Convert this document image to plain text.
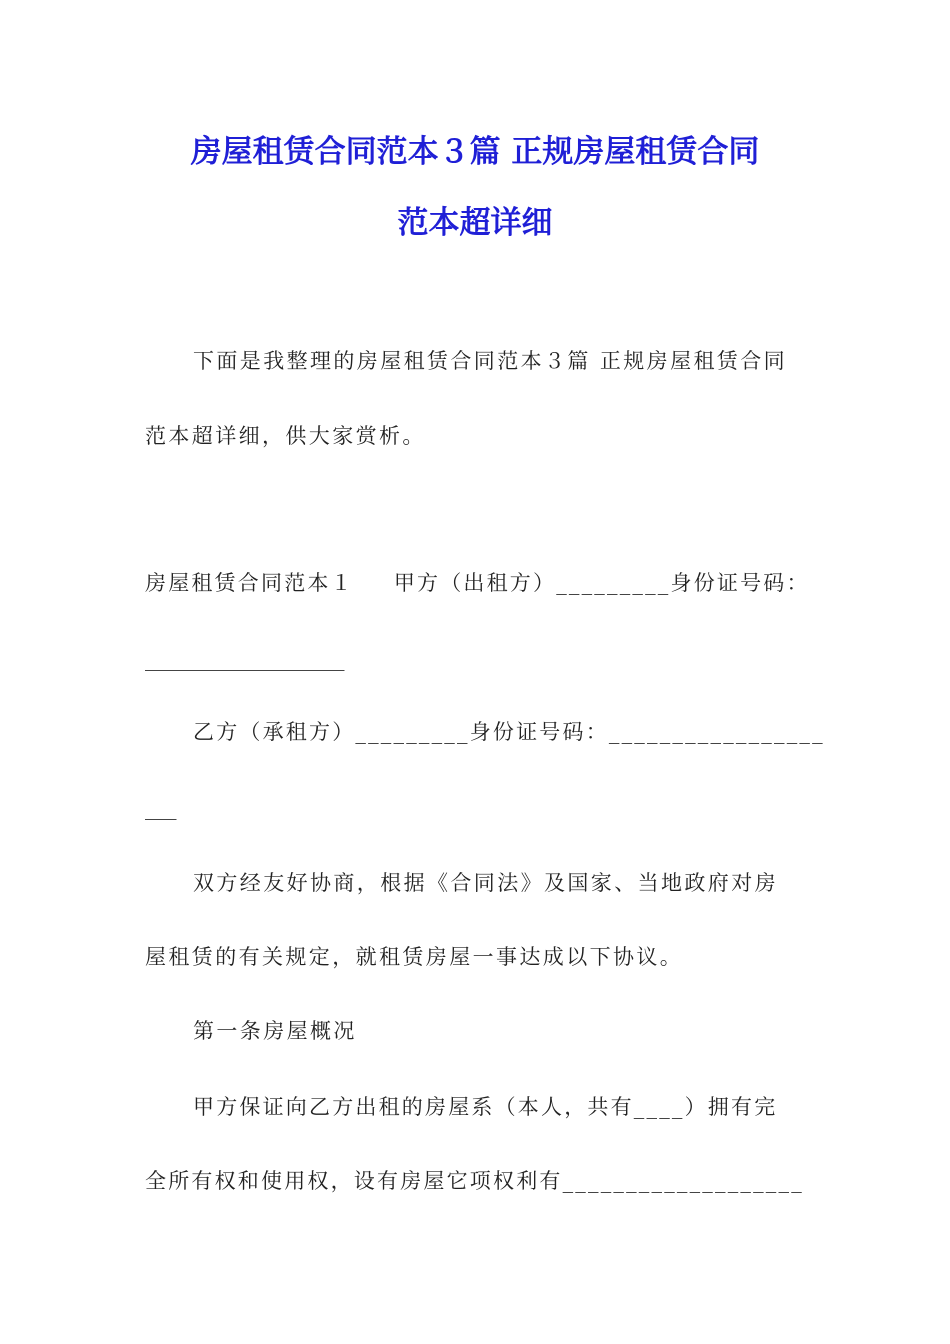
房屋租赁合同范本３篇 正规房屋租赁合同
范本超详细
下面是我整理的房屋租赁合同范本３篇 正规房屋租赁合同
范本超详细，供大家赏析。
房屋租赁合同范本１ 甲方（出租方）_________身份证号码：
___________________
乙方（承租方）_________身份证号码：_________________
___
双方经友好协商，根据《合同法》及国家、当地政府对房
屋租赁的有关规定，就租赁房屋一事达成以下协议。
第一条房屋概况
甲方保证向乙方出租的房屋系（本人，共有____）拥有完
全所有权和使用权，设有房屋它项权利有___________________
